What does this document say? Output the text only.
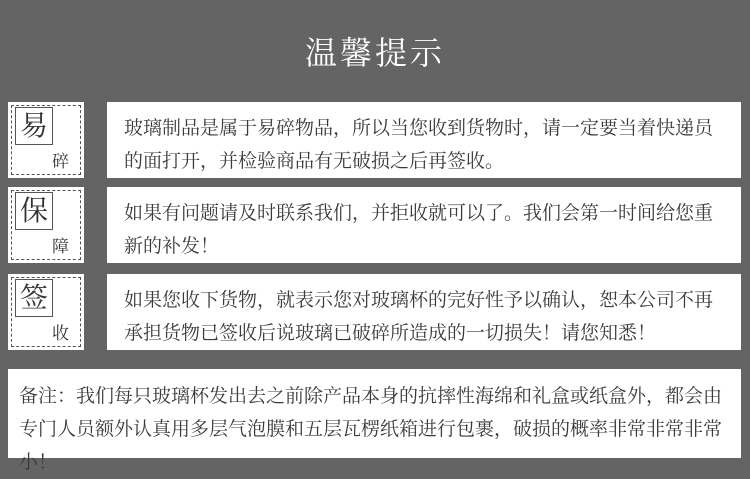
温馨提示
易
碎
玻璃制品是属于易碎物品，所以当您收到货物时，请一定要当着快递员的面打开，并检验商品有无破损之后再签收。
保
障
如果有问题请及时联系我们，并拒收就可以了。我们会第一时间给您重新的补发！
签
收
如果您收下货物，就表示您对玻璃杯的完好性予以确认，恕本公司不再承担货物已签收后说玻璃已破碎所造成的一切损失！请您知悉！
备注：我们每只玻璃杯发出去之前除产品本身的抗摔性海绵和礼盒或纸盒外，都会由专门人员额外认真用多层气泡膜和五层瓦楞纸箱进行包裹，破损的概率非常非常非常小！
